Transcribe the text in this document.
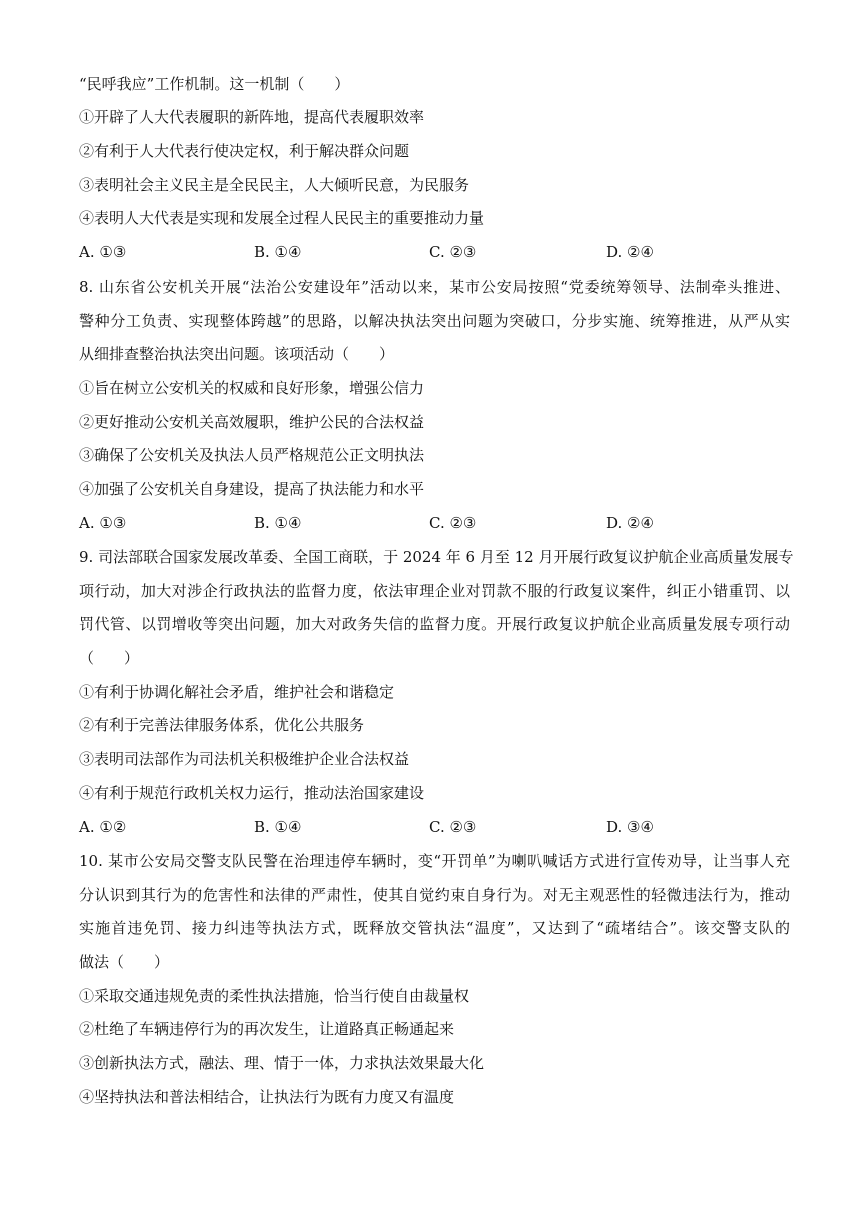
“民呼我应”工作机制。这一机制（　　）
①开辟了人大代表履职的新阵地，提高代表履职效率
②有利于人大代表行使决定权，利于解决群众问题
③表明社会主义民主是全民民主，人大倾听民意，为民服务
④表明人大代表是实现和发展全过程人民民主的重要推动力量
A. ①③	B. ①④	C. ②③	D. ②④
8. 山东省公安机关开展“法治公安建设年”活动以来，某市公安局按照“党委统筹领导、法制牵头推进、
警种分工负责、实现整体跨越”的思路，以解决执法突出问题为突破口，分步实施、统筹推进，从严从实
从细排查整治执法突出问题。该项活动（　　）
①旨在树立公安机关的权威和良好形象，增强公信力
②更好推动公安机关高效履职，维护公民的合法权益
③确保了公安机关及执法人员严格规范公正文明执法
④加强了公安机关自身建设，提高了执法能力和水平
A. ①③	B. ①④	C. ②③	D. ②④
9. 司法部联合国家发展改革委、全国工商联，于 2024 年 6 月至 12 月开展行政复议护航企业高质量发展专
项行动，加大对涉企行政执法的监督力度，依法审理企业对罚款不服的行政复议案件，纠正小错重罚、以
罚代管、以罚增收等突出问题，加大对政务失信的监督力度。开展行政复议护航企业高质量发展专项行动
（　　）
①有利于协调化解社会矛盾，维护社会和谐稳定
②有利于完善法律服务体系，优化公共服务
③表明司法部作为司法机关积极维护企业合法权益
④有利于规范行政机关权力运行，推动法治国家建设
A. ①②	B. ①④	C. ②③	D. ③④
10. 某市公安局交警支队民警在治理违停车辆时，变“开罚单”为喇叭喊话方式进行宣传劝导，让当事人充
分认识到其行为的危害性和法律的严肃性，使其自觉约束自身行为。对无主观恶性的轻微违法行为，推动
实施首违免罚、接力纠违等执法方式，既释放交管执法“温度”，又达到了“疏堵结合”。该交警支队的
做法（　　）
①采取交通违规免责的柔性执法措施，恰当行使自由裁量权
②杜绝了车辆违停行为的再次发生，让道路真正畅通起来
③创新执法方式，融法、理、情于一体，力求执法效果最大化
④坚持执法和普法相结合，让执法行为既有力度又有温度
